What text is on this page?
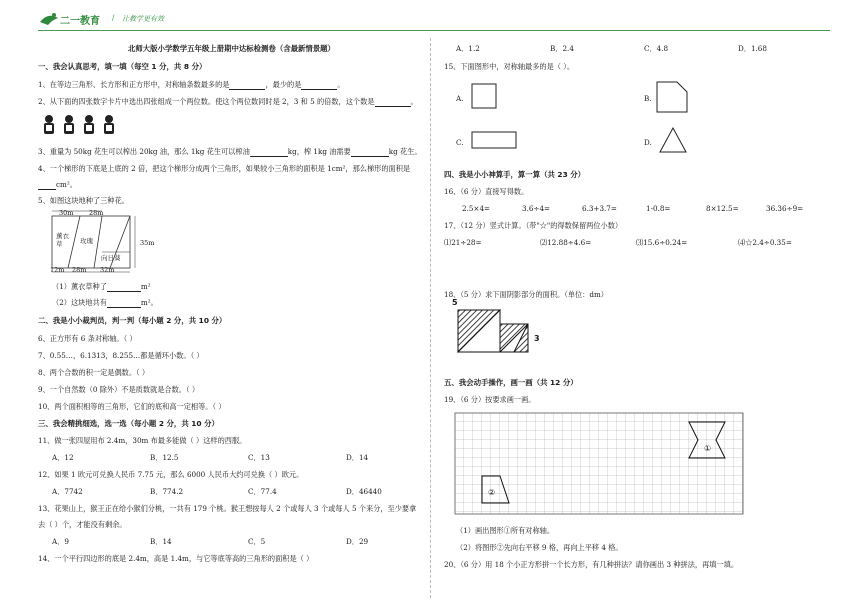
二一教育 / 让教学更有效
北师大版小学数学五年级上册期中达标检测卷（含最新情景题）
一、我会认真思考，填一填（每空 1 分，共 8 分）
1、在等边三角形、长方形和正方形中，对称轴条数最多的是	，最少的是	。
2、从下面的四张数字卡片中选出四张组成一个两位数。使这个两位数同时是 2，3 和 5 的倍数，这个数是	。
3、重量为 50kg 花生可以榨出 20kg 油，那么 1kg 花生可以榨油	kg，榨 1kg 油需要	kg 花生。
4、一个梯形的下底是上底的 2 倍，把这个梯形分成两个三角形，如果较小三角形的面积是 1cm²，那么梯形的面积是
cm²。
5、如图这块地种了三种花。
30m 28m
35m
12m 28m 32m
薰衣草	玫瑰
向日葵
（1）薰衣草种了	m²
（2）这块地共有	m²。
二、我是小小裁判员，判一判（每小题 2 分，共 10 分）
6、正方形有 6 条对称轴。（ ）
7、0.55…，6.1313，8.255…都是循环小数。（ ）
8、两个合数的积一定是偶数。（ ）
9、一个自然数（0 除外）不是质数就是合数。（ ）
10、两个面积相等的三角形，它们的底和高一定相等。（ ）
三、我会精挑细选，选一选（每小题 2 分，共 10 分）
11、做一张四屋用布 2.4m，30m 布最多能做（ ）这样的西服。
A．12	B．12.5	C．13	D．14
12、如果 1 欧元可兑换人民币 7.75 元，那么 6000 人民币大约可兑换（ ）欧元。
A．7742	B．774.2	C．77.4	D．46440
13、花果山上，猴王正在给小猴们分桃，一共有 179 个桃。猴王想按每人 2 个或每人 3 个或每人 5 个来分，至少要拿
去（ ）个，才能没有剩余。
A．9	B．14	C．5	D．29
14、一个平行四边形的底是 2.4m，高是 1.4m，与它等底等高的三角形的面积是（ ）
A．1.2	B．2.4	C．4.8	D．1.68
15、下面图形中，对称轴最多的是（ ）。
A.	B.
C.	D.
四、我是小小神算手，算一算（共 23 分）
16、（6 分）直接写得数。
2.5×4=	3.6÷4=	6.3+3.7=	1-0.8=	8×12.5=	36.36÷9=
17、（12 分）竖式计算。（带"☆"的得数保留两位小数）
⑴21÷28=	⑵12.88÷4.6=	⑶15.6÷0.24=	⑷☆2.4÷0.35=
18、（5 分）求下面阴影部分的面积。（单位：dm）
5
3
五、我会动手操作，画一画（共 12 分）
19、（6 分）按要求画一画。
①
②
（1）画出图形①所有对称轴。
（2）将图形②先向右平移 9 格，再向上平移 4 格。
20、（6 分）用 18 个小正方形拼一个长方形，有几种拼法？请你画出 3 种拼法，再填一填。
